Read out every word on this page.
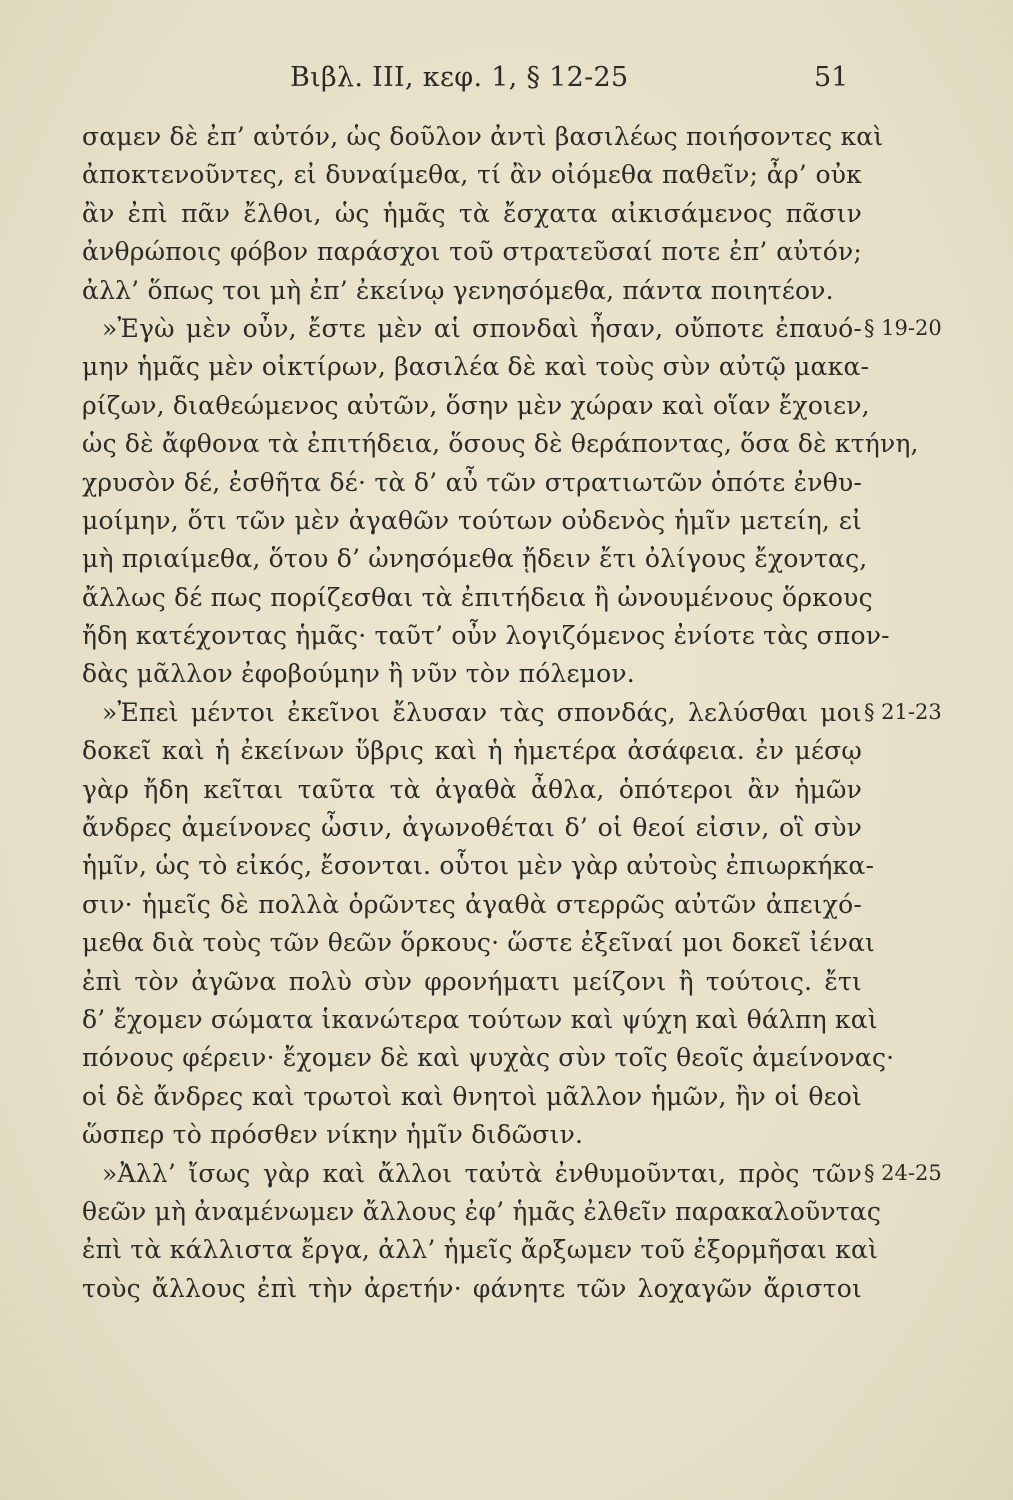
Βιβλ. III, κεφ. 1, § 12-25	51
σαμεν δὲ ἐπ’ αὐτόν, ὡς δοῦλον ἀντὶ βασιλέως ποιήσοντες καὶ
ἀποκτενοῦντες, εἰ δυναίμεθα, τί ἂν οἰόμεθα παθεῖν; ἆρ’ οὐκ
ἂν ἐπὶ πᾶν ἔλθοι, ὡς ἡμᾶς τὰ ἔσχατα αἰκισάμενος πᾶσιν
ἀνθρώποις φόβον παράσχοι τοῦ στρατεῦσαί ποτε ἐπ’ αὐτόν;
ἀλλ’ ὅπως τοι μὴ ἐπ’ ἐκείνῳ γενησόμεθα, πάντα ποιητέον.
»Ἐγὼ μὲν οὖν, ἔστε μὲν αἱ σπονδαὶ ἦσαν, οὔποτε ἐπαυό-
μην ἡμᾶς μὲν οἰκτίρων, βασιλέα δὲ καὶ τοὺς σὺν αὐτῷ μακα-
ρίζων, διαθεώμενος αὐτῶν, ὅσην μὲν χώραν καὶ οἵαν ἔχοιεν,
ὡς δὲ ἄφθονα τὰ ἐπιτήδεια, ὅσους δὲ θεράποντας, ὅσα δὲ κτήνη,
χρυσὸν δέ, ἐσθῆτα δέ· τὰ δ’ αὖ τῶν στρατιωτῶν ὁπότε ἐνθυ-
μοίμην, ὅτι τῶν μὲν ἀγαθῶν τούτων οὐδενὸς ἡμῖν μετείη, εἰ
μὴ πριαίμεθα, ὅτου δ’ ὠνησόμεθα ᾔδειν ἔτι ὀλίγους ἔχοντας,
ἄλλως δέ πως πορίζεσθαι τὰ ἐπιτήδεια ἢ ὠνουμένους ὅρκους
ἤδη κατέχοντας ἡμᾶς· ταῦτ’ οὖν λογιζόμενος ἐνίοτε τὰς σπον-
δὰς μᾶλλον ἐφοβούμην ἢ νῦν τὸν πόλεμον.
»Ἐπεὶ μέντοι ἐκεῖνοι ἔλυσαν τὰς σπονδάς, λελύσθαι μοι
δοκεῖ καὶ ἡ ἐκείνων ὕβρις καὶ ἡ ἡμετέρα ἀσάφεια. ἐν μέσῳ
γὰρ ἤδη κεῖται ταῦτα τὰ ἀγαθὰ ἆθλα, ὁπότεροι ἂν ἡμῶν
ἄνδρες ἀμείνονες ὦσιν, ἀγωνοθέται δ’ οἱ θεοί εἰσιν, οἳ σὺν
ἡμῖν, ὡς τὸ εἰκός, ἔσονται. οὗτοι μὲν γὰρ αὐτοὺς ἐπιωρκήκα-
σιν· ἡμεῖς δὲ πολλὰ ὁρῶντες ἀγαθὰ στερρῶς αὐτῶν ἀπειχό-
μεθα διὰ τοὺς τῶν θεῶν ὅρκους· ὥστε ἐξεῖναί μοι δοκεῖ ἰέναι
ἐπὶ τὸν ἀγῶνα πολὺ σὺν φρονήματι μείζονι ἢ τούτοις. ἔτι
δ’ ἔχομεν σώματα ἱκανώτερα τούτων καὶ ψύχη καὶ θάλπη καὶ
πόνους φέρειν· ἔχομεν δὲ καὶ ψυχὰς σὺν τοῖς θεοῖς ἀμείνονας·
οἱ δὲ ἄνδρες καὶ τρωτοὶ καὶ θνητοὶ μᾶλλον ἡμῶν, ἢν οἱ θεοὶ
ὥσπερ τὸ πρόσθεν νίκην ἡμῖν διδῶσιν.
»Ἀλλ’ ἴσως γὰρ καὶ ἄλλοι ταὐτὰ ἐνθυμοῦνται, πρὸς τῶν
θεῶν μὴ ἀναμένωμεν ἄλλους ἐφ’ ἡμᾶς ἐλθεῖν παρακαλοῦντας
ἐπὶ τὰ κάλλιστα ἔργα, ἀλλ’ ἡμεῖς ἄρξωμεν τοῦ ἐξορμῆσαι καὶ
τοὺς ἄλλους ἐπὶ τὴν ἀρετήν· φάνητε τῶν λοχαγῶν ἄριστοι
§ 19-20
§ 21-23
§ 24-25
